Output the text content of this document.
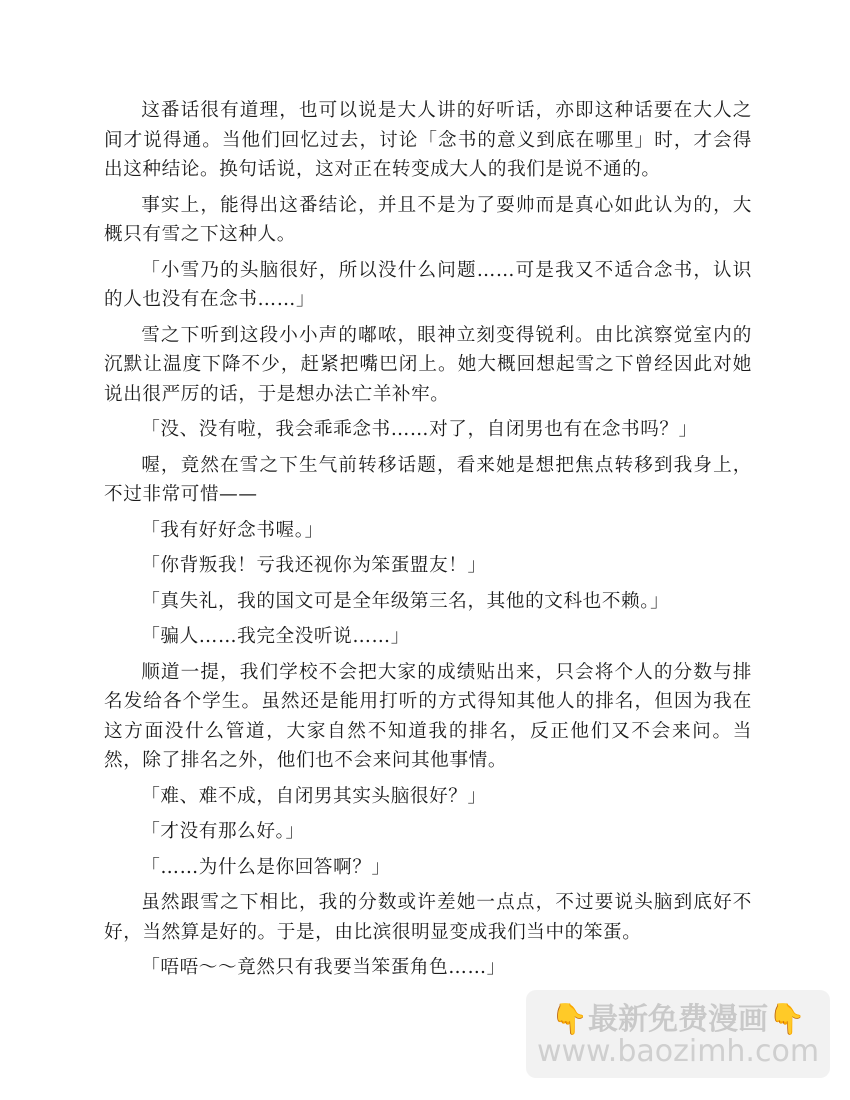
这番话很有道理，也可以说是大人讲的好听话，亦即这种话要在大人之间才说得通。当他们回忆过去，讨论「念书的意义到底在哪里」时，才会得出这种结论。换句话说，这对正在转变成大人的我们是说不通的。

事实上，能得出这番结论，并且不是为了耍帅而是真心如此认为的，大概只有雪之下这种人。

「小雪乃的头脑很好，所以没什么问题……可是我又不适合念书，认识的人也没有在念书……」

雪之下听到这段小小声的嘟哝，眼神立刻变得锐利。由比滨察觉室内的沉默让温度下降不少，赶紧把嘴巴闭上。她大概回想起雪之下曾经因此对她说出很严厉的话，于是想办法亡羊补牢。

「没、没有啦，我会乖乖念书……对了，自闭男也有在念书吗？」

喔，竟然在雪之下生气前转移话题，看来她是想把焦点转移到我身上，不过非常可惜——

「我有好好念书喔。」

「你背叛我！亏我还视你为笨蛋盟友！」

「真失礼，我的国文可是全年级第三名，其他的文科也不赖。」

「骗人……我完全没听说……」

顺道一提，我们学校不会把大家的成绩贴出来，只会将个人的分数与排名发给各个学生。虽然还是能用打听的方式得知其他人的排名，但因为我在这方面没什么管道，大家自然不知道我的排名，反正他们又不会来问。当然，除了排名之外，他们也不会来问其他事情。

「难、难不成，自闭男其实头脑很好？」

「才没有那么好。」

「……为什么是你回答啊？」

虽然跟雪之下相比，我的分数或许差她一点点，不过要说头脑到底好不好，当然算是好的。于是，由比滨很明显变成我们当中的笨蛋。

「唔唔～～竟然只有我要当笨蛋角色……」

👇最新免费漫画👇
www.baozimh.com
